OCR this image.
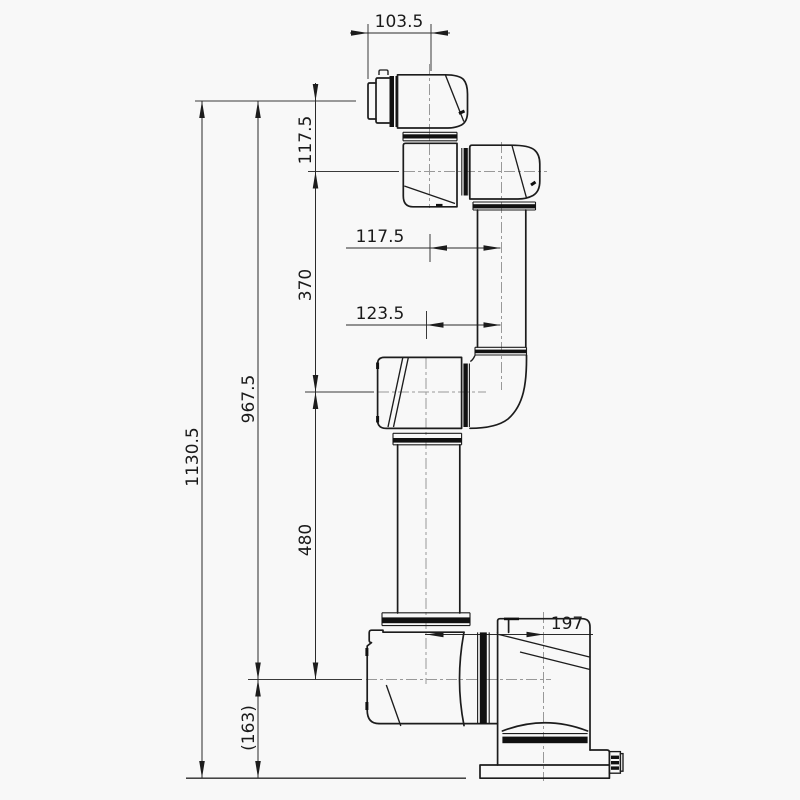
103.5
117.5
117.5
370
123.5
967.5
1130.5
480
197
(163)
